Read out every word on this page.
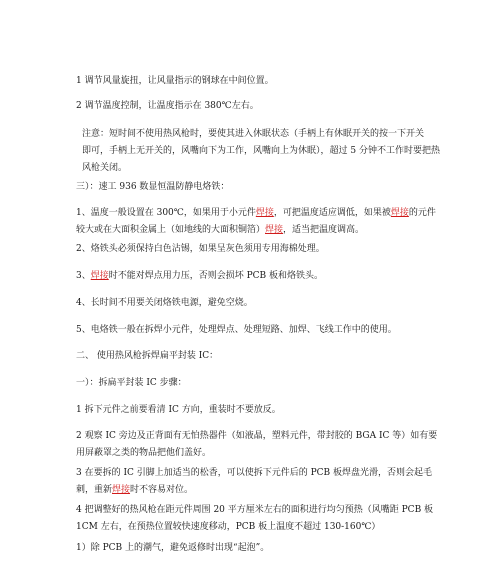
1 调节风量旋扭，让风量指示的钢球在中间位置。
2 调节温度控制，让温度指示在 380℃左右。
注意：短时间不使用热风枪时，要使其进入休眠状态（手柄上有休眠开关的按一下开关
即可，手柄上无开关的，风嘴向下为工作，风嘴向上为休眠），超过 5 分钟不工作时要把热
风枪关闭。
三）：速工 936 数显恒温防静电烙铁：
1、温度一般设置在 300℃，如果用于小元件焊接，可把温度适应调低，如果被焊接的元件
较大或在大面积金属上（如地线的大面积铜箔）焊接，适当把温度调高。
2、烙铁头必须保持白色沾锡，如果呈灰色须用专用海棉处理。
3、焊接时不能对焊点用力压，否则会损坏 PCB 板和烙铁头。
4、长时间不用要关闭烙铁电源，避免空烧。
5、电烙铁一般在拆焊小元件，处理焊点、处理短路、加焊、飞线工作中的使用。
二、 使用热风枪拆焊扁平封装 IC：
一）：拆扁平封装 IC 步骤：
1 拆下元件之前要看清 IC 方向，重装时不要放反。
2 观察 IC 旁边及正背面有无怕热器件（如液晶，塑料元件，带封胶的 BGA IC 等）如有要
用屏蔽罩之类的物品把他们盖好。
3 在要拆的 IC 引脚上加适当的松香，可以使拆下元件后的 PCB 板焊盘光滑，否则会起毛
刺，重新焊接时不容易对位。
4 把调整好的热风枪在距元件周围 20 平方厘米左右的面积进行均匀预热（风嘴距 PCB 板
1CM 左右，在预热位置较快速度移动，PCB 板上温度不超过 130-160℃）
1）除 PCB 上的潮气，避免返修时出现“起泡”。
